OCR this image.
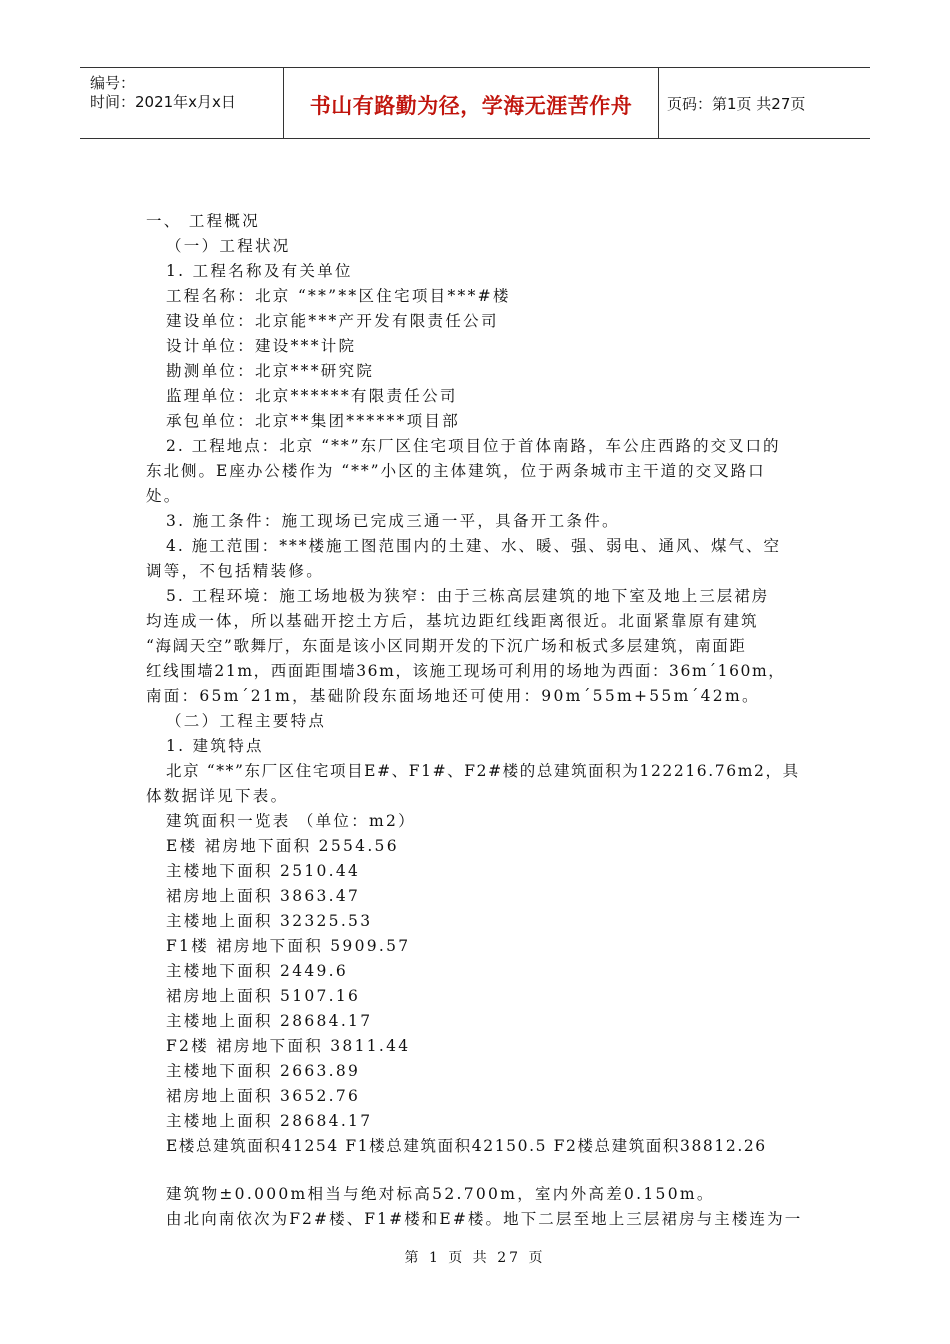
编号：
时间：2021年x月x日	书山有路勤为径，学海无涯苦作舟	页码：第1页 共27页
一、 工程概况
（一）工程状况
1. 工程名称及有关单位
工程名称：北京 “**”**区住宅项目***#楼
建设单位：北京能***产开发有限责任公司
设计单位：建设***计院
勘测单位：北京***研究院
监理单位：北京******有限责任公司
承包单位：北京**集团******项目部
2. 工程地点：北京 “**”东厂区住宅项目位于首体南路，车公庄西路的交叉口的
东北侧。E座办公楼作为 “**”小区的主体建筑，位于两条城市主干道的交叉路口
处。
3. 施工条件：施工现场已完成三通一平，具备开工条件。
4. 施工范围：***楼施工图范围内的土建、水、暖、强、弱电、通风、煤气、空
调等，不包括精装修。
5. 工程环境：施工场地极为狭窄：由于三栋高层建筑的地下室及地上三层裙房
均连成一体，所以基础开挖土方后，基坑边距红线距离很近。北面紧靠原有建筑
“海阔天空”歌舞厅，东面是该小区同期开发的下沉广场和板式多层建筑，南面距
红线围墙21m，西面距围墙36m，该施工现场可利用的场地为西面：36m´160m，
南面：65m´21m，基础阶段东面场地还可使用：90m´55m+55m´42m。
（二）工程主要特点
1. 建筑特点
北京 “**”东厂区住宅项目E#、F1#、F2#楼的总建筑面积为122216.76m2，具
体数据详见下表。
建筑面积一览表 （单位：m2）
E楼 裙房地下面积 2554.56
主楼地下面积 2510.44
裙房地上面积 3863.47
主楼地上面积 32325.53
F1楼 裙房地下面积 5909.57
主楼地下面积 2449.6
裙房地上面积 5107.16
主楼地上面积 28684.17
F2楼 裙房地下面积 3811.44
主楼地下面积 2663.89
裙房地上面积 3652.76
主楼地上面积 28684.17
E楼总建筑面积41254 F1楼总建筑面积42150.5 F2楼总建筑面积38812.26
建筑物±0.000m相当与绝对标高52.700m，室内外高差0.150m。
由北向南依次为F2#楼、F1#楼和E#楼。地下二层至地上三层裙房与主楼连为一
第 1 页 共 27 页
